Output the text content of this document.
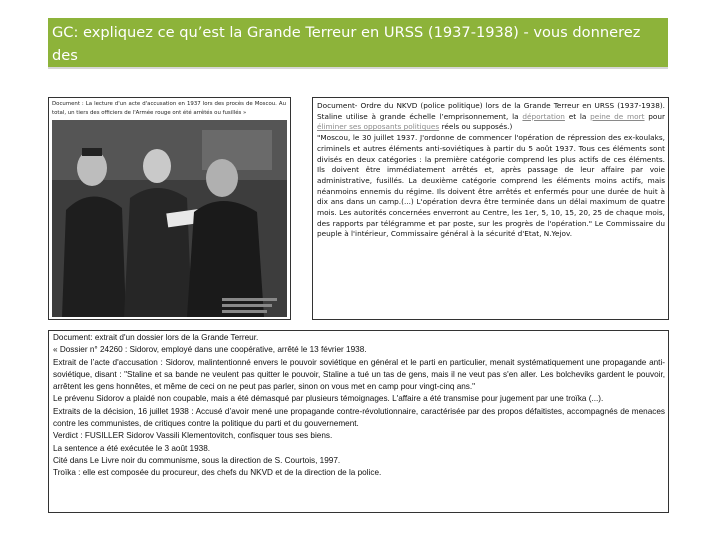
GC: expliquez ce qu’est la Grande Terreur en URSS (1937-1938) - vous donnerez des
exemples précis.
Document : La lecture d'un acte d'accusation en 1937 lors des procès de Moscou. Au total, un tiers des officiers de l'Armée rouge ont été arrêtés ou fusillés »
Document- Ordre du NKVD (police politique) lors de la Grande Terreur en URSS (1937-1938). Staline utilise à grande échelle l’emprisonnement, la déportation et la peine de mort pour éliminer ses opposants politiques réels ou supposés.)
"Moscou, le 30 juillet 1937. J'ordonne de commencer l'opération de répression des ex-koulaks, criminels et autres éléments anti-soviétiques à partir du 5 août 1937. Tous ces éléments sont divisés en deux catégories : la première catégorie comprend les plus actifs de ces éléments. Ils doivent être immédiatement arrêtés et, après passage de leur affaire par voie administrative, fusillés. La deuxième catégorie comprend les éléments moins actifs, mais néanmoins ennemis du régime. Ils doivent être arrêtés et enfermés pour une durée de huit à dix ans dans un camp.(...) L'opération devra être terminée dans un délai maximum de quatre mois. Les autorités concernées enverront au Centre, les 1er, 5, 10, 15, 20, 25 de chaque mois, des rapports par télégramme et par poste, sur les progrès de l'opération." Le Commissaire du peuple à l'intérieur, Commissaire général à la sécurité d'Etat, N.Yejov.
Document: extrait d'un dossier lors de la Grande Terreur.
« Dossier n° 24260 : Sidorov, employé dans une coopérative, arrêté le 13 février 1938.
Extrait de l’acte d'accusation : Sidorov, malintentionné envers le pouvoir soviétique en général et le parti en particulier, menait systématiquement une propagande anti-soviétique, disant : "Staline et sa bande ne veulent pas quitter le pouvoir, Staline a tué un tas de gens, mais il ne veut pas s'en aller. Les bolcheviks gardent le pouvoir, arrêtent les gens honnêtes, et même de ceci on ne peut pas parler, sinon on vous met en camp pour vingt-cinq ans."
Le prévenu Sidorov a plaidé non coupable, mais a été démasqué par plusieurs témoignages. L'affaire a été transmise pour jugement par une troïka (...).
Extraits de la décision, 16 juillet 1938 : Accusé d’avoir mené une propagande contre-révolutionnaire, caractérisée par des propos défaitistes, accompagnés de menaces contre les communistes, de critiques contre la politique du parti et du gouvernement.
Verdict : FUSILLER Sidorov Vassili Klementovitch, confisquer tous ses biens.
La sentence a été exécutée le 3 août 1938.
Cité dans Le Livre noir du communisme, sous la direction de S. Courtois, 1997.
Troïka : elle est composée du procureur, des chefs du NKVD et de la direction de la police.
